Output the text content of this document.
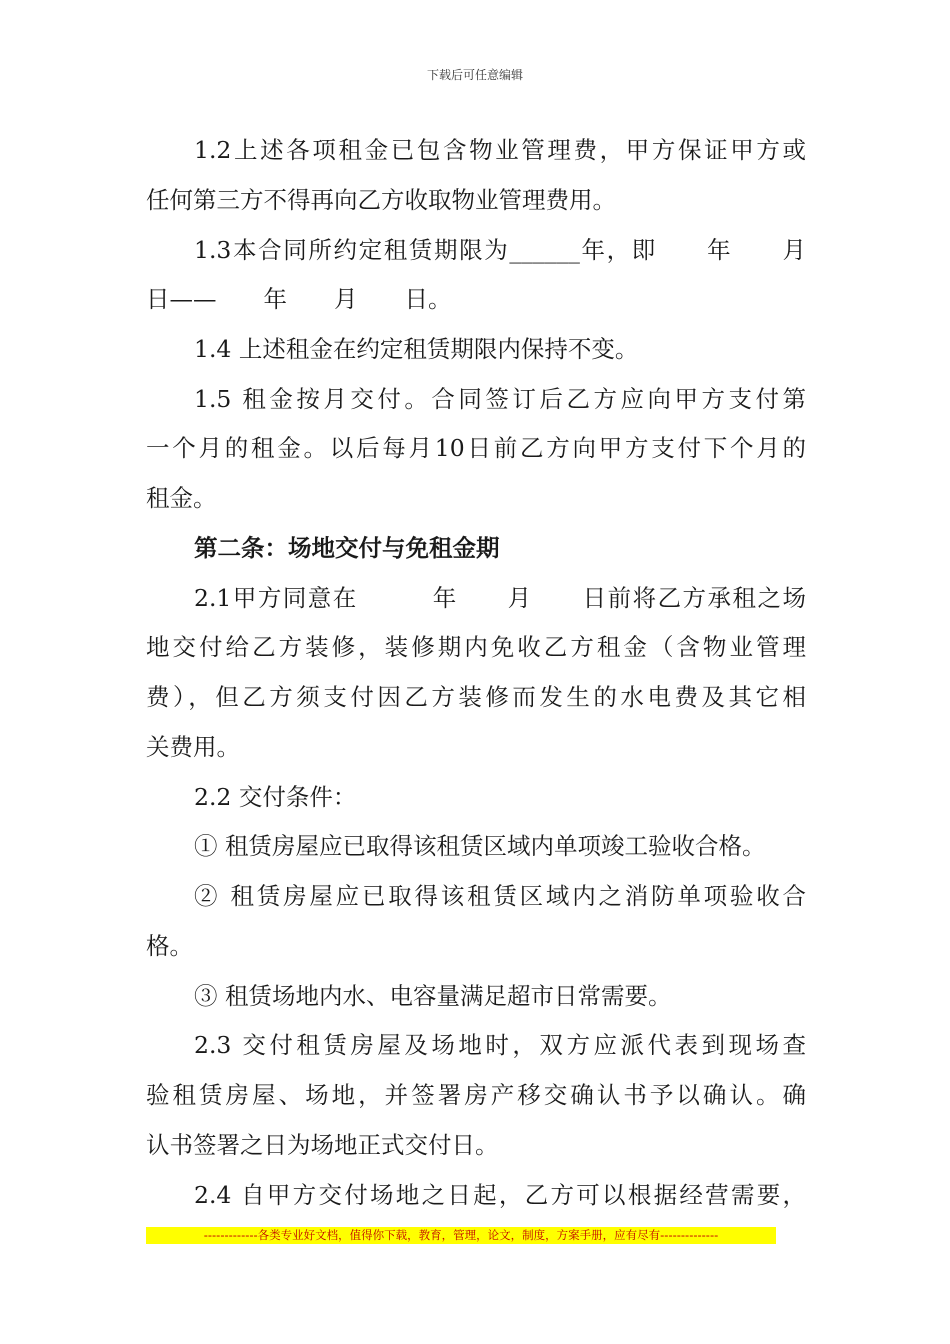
下载后可任意编辑
1.2上述各项租金已包含物业管理费，甲方保证甲方或
任何第三方不得再向乙方收取物业管理费用。
1.3本合同所约定租赁期限为______年，即　　年　　月
日——　　年　　月　　日。
1.4 上述租金在约定租赁期限内保持不变。
1.5 租金按月交付。合同签订后乙方应向甲方支付第
一个月的租金。以后每月10日前乙方向甲方支付下个月的
租金。
第二条：场地交付与免租金期
2.1甲方同意在　　　年　　月　　日前将乙方承租之场
地交付给乙方装修，装修期内免收乙方租金（含物业管理
费），但乙方须支付因乙方装修而发生的水电费及其它相
关费用。
2.2 交付条件：
① 租赁房屋应已取得该租赁区域内单项竣工验收合格。
② 租赁房屋应已取得该租赁区域内之消防单项验收合
格。
③ 租赁场地内水、电容量满足超市日常需要。
2.3 交付租赁房屋及场地时，双方应派代表到现场查
验租赁房屋、场地，并签署房产移交确认书予以确认。确
认书签署之日为场地正式交付日。
2.4 自甲方交付场地之日起，乙方可以根据经营需要，
-------------各类专业好文档，值得你下载，教育，管理，论文，制度，方案手册，应有尽有--------------
